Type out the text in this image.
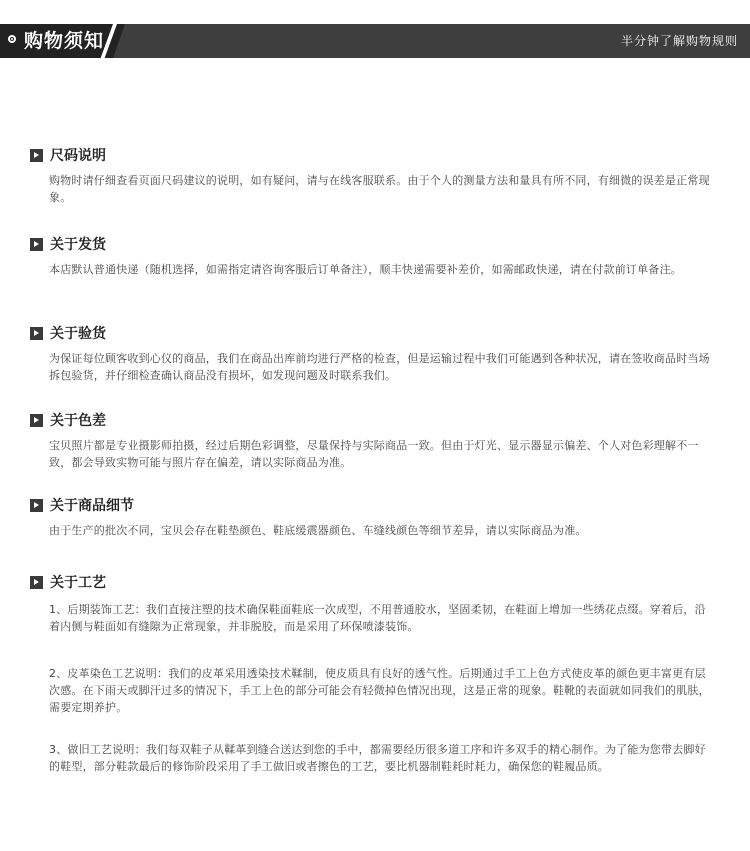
购物须知	半分钟了解购物规则
尺码说明
购物时请仔细查看页面尺码建议的说明，如有疑问，请与在线客服联系。由于个人的测量方法和量具有所不同，有细微的误差是正常现象。
关于发货
本店默认普通快递（随机选择，如需指定请咨询客服后订单备注），顺丰快递需要补差价，如需邮政快递，请在付款前订单备注。
关于验货
为保证每位顾客收到心仪的商品，我们在商品出库前均进行严格的检查，但是运输过程中我们可能遇到各种状况，请在签收商品时当场拆包验货，并仔细检查确认商品没有损坏，如发现问题及时联系我们。
关于色差
宝贝照片都是专业摄影师拍摄，经过后期色彩调整，尽量保持与实际商品一致。但由于灯光、显示器显示偏差、个人对色彩理解不一致，都会导致实物可能与照片存在偏差，请以实际商品为准。
关于商品细节
由于生产的批次不同，宝贝会存在鞋垫颜色、鞋底缓震器颜色、车缝线颜色等细节差异，请以实际商品为准。
关于工艺
1、后期装饰工艺：我们直接注塑的技术确保鞋面鞋底一次成型，不用普通胶水，坚固柔韧，在鞋面上增加一些绣花点缀。穿着后，沿着内侧与鞋面如有缝隙为正常现象，并非脱胶，而是采用了环保喷漆装饰。
2、皮革染色工艺说明：我们的皮革采用透染技术鞣制，使皮质具有良好的透气性。后期通过手工上色方式使皮革的颜色更丰富更有层次感。在下雨天或脚汗过多的情况下，手工上色的部分可能会有轻微掉色情况出现，这是正常的现象。鞋靴的表面就如同我们的肌肤，需要定期养护。
3、做旧工艺说明：我们每双鞋子从鞣革到缝合送达到您的手中，都需要经历很多道工序和许多双手的精心制作。为了能为您带去脚好的鞋型，部分鞋款最后的修饰阶段采用了手工做旧或者擦色的工艺，要比机器制鞋耗时耗力，确保您的鞋履品质。
